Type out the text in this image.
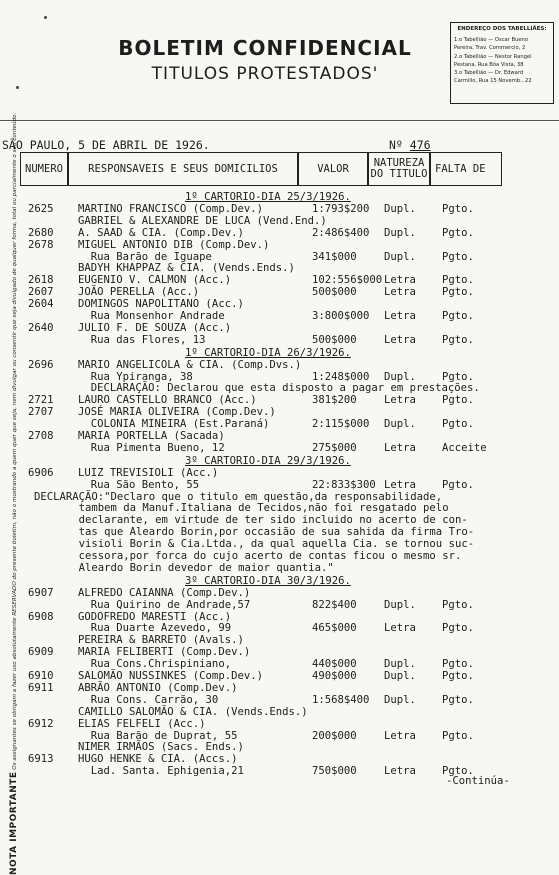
BOLETIM CONFIDENCIAL
TITULOS PROTESTADOS'
ENDEREÇO DOS TABELLIÃES:
1.o Tabellião — Oscar Bueno
Pereira, Trav. Commercio, 2
2.o Tabellião — Nestor Rangel
Pestana, Rua Bôa Vista, 38
3.o Tabellião — Dr. Edward
Carmillo, Rua 15 Novemb., 22
SÃO PAULO, 5 DE ABRIL DE 1926.	Nº 476
NUMERO	RESPONSAVEIS E SEUS DOMICILIOS	VALOR	NATUREZA DO TITULO FALTA DE
1º CARTORIO-DIA 25/3/1926.
2625 MARTINO FRANCISCO (Comp.Dev.)	1:793$200 Dupl. Pgto.
GABRIEL & ALEXANDRE DE LUCA (Vend.End.)
2680 A. SAAD & CIA. (Comp.Dev.)	2:486$400 Dupl. Pgto.
2678 MIGUEL ANTONIO DIB (Comp.Dev.)
Rua Barão de Iguape	341$000	Dupl. Pgto.
BADYH KHAPPAZ & CIA. (Vends.Ends.)
2618 EUGENIO V. CALMON (Acc.)	102:556$000 Letra Pgto.
2607 JOÃO PERELLA (Acc.)	500$000	Letra Pgto.
2604 DOMINGOS NAPOLITANO (Acc.)
Rua Monsenhor Andrade	3:800$000 Letra Pgto.
2640 JULIO F. DE SOUZA (Acc.)
Rua das Flores, 13	500$000	Letra Pgto.
1º CARTORIO-DIA 26/3/1926.
2696 MARIO ANGELICOLA & CIA. (Comp.Dvs.)
Rua Ypiranga, 38	1:248$000 Dupl. Pgto.
DECLARAÇÃO: Declarou que esta disposto a pagar em prestações.
2721 LAURO CASTELLO BRANCO (Acc.)	381$200	Letra Pgto.
2707 JOSÉ MARIA OLIVEIRA (Comp.Dev.)
COLONIA MINEIRA (Est.Paraná)	2:115$000 Dupl. Pgto.
2708 MARIA PORTELLA (Sacada)
Rua Pimenta Bueno, 12	275$000	Letra Acceite
3º CARTORIO-DIA 29/3/1926.
6906 LUIZ TREVISIOLI (Acc.)
Rua São Bento, 55	22:833$300 Letra Pgto.
DECLARAÇÃO:"Declaro que o titulo em questão,da responsabilidade,
tambem da Manuf.Italiana de Tecidos,não foi resgatado pelo
declarante, em virtude de ter sido incluido no acerto de con-
tas que Aleardo Borin,por occasião de sua sahida da firma Tro-
visioli Borin & Cia.Ltda., da qual aquella Cia. se tornou suc-
cessora,por forca do cujo acerto de contas ficou o mesmo sr.
Aleardo Borin devedor de maior quantia."
3º CARTORIO-DIA 30/3/1926.
6907 ALFREDO CAIANNA (Comp.Dev.)
Rua Quirino de Andrade,57	822$400	Dupl. Pgto.
6908 GODOFREDO MARESTI (Acc.)
Rua Duarte Azevedo, 99	465$000	Letra Pgto.
PEREIRA & BARRETO (Avals.)
6909 MARIA FELIBERTI (Comp.Dev.)
Rua Cons.Chrispiniano,	440$000	Dupl. Pgto.
6910 SALOMÃO NUSSINKES (Comp.Dev.)	490$000	Dupl. Pgto.
6911 ABRÃO ANTONIO (Comp.Dev.)
Rua Cons. Carrão, 30	1:568$400 Dupl. Pgto.
CAMILLO SALOMÃO & CIA. (Vends.Ends.)
6912 ELIAS FELFELI (Acc.)
Rua Barão de Duprat, 55	200$000	Letra Pgto.
NIMER IRMÃOS (Sacs. Ends.)
6913 HUGO HENKE & CIA. (Accs.)
Lad. Santa. Ephigenia,21	750$000	Letra Pgto.
-Continúa-
NOTA IMPORTANTE Os assignantes se obrigam a fazer uso absolutamente RESERVADO do presente boletim, não o mostrando a quem quer que seja, nem divulgar ou consentir que seja divulgado de qualquer forma, total ou parcialmente o seu conteúdo.
